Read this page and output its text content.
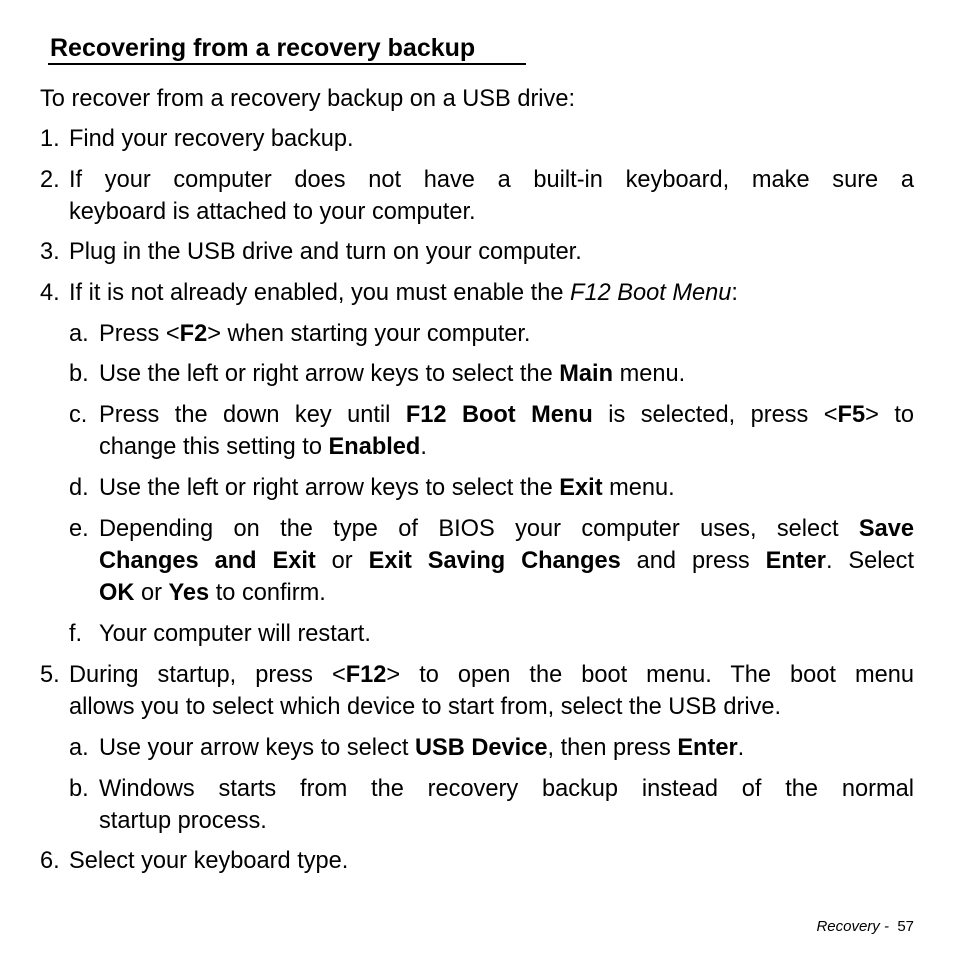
Recovering from a recovery backup
To recover from a recovery backup on a USB drive:
1. Find your recovery backup.
2. If your computer does not have a built-in keyboard, make sure a
keyboard is attached to your computer.
3. Plug in the USB drive and turn on your computer.
4. If it is not already enabled, you must enable the F12 Boot Menu:
a. Press <F2> when starting your computer.
b. Use the left or right arrow keys to select the Main menu.
c. Press the down key until F12 Boot Menu is selected, press <F5> to
change this setting to Enabled.
d. Use the left or right arrow keys to select the Exit menu.
e. Depending on the type of BIOS your computer uses, select Save
Changes and Exit or Exit Saving Changes and press Enter. Select
OK or Yes to confirm.
f. Your computer will restart.
5. During startup, press <F12> to open the boot menu. The boot menu
allows you to select which device to start from, select the USB drive.
a. Use your arrow keys to select USB Device, then press Enter.
b. Windows starts from the recovery backup instead of the normal
startup process.
6. Select your keyboard type.
Recovery - 57
